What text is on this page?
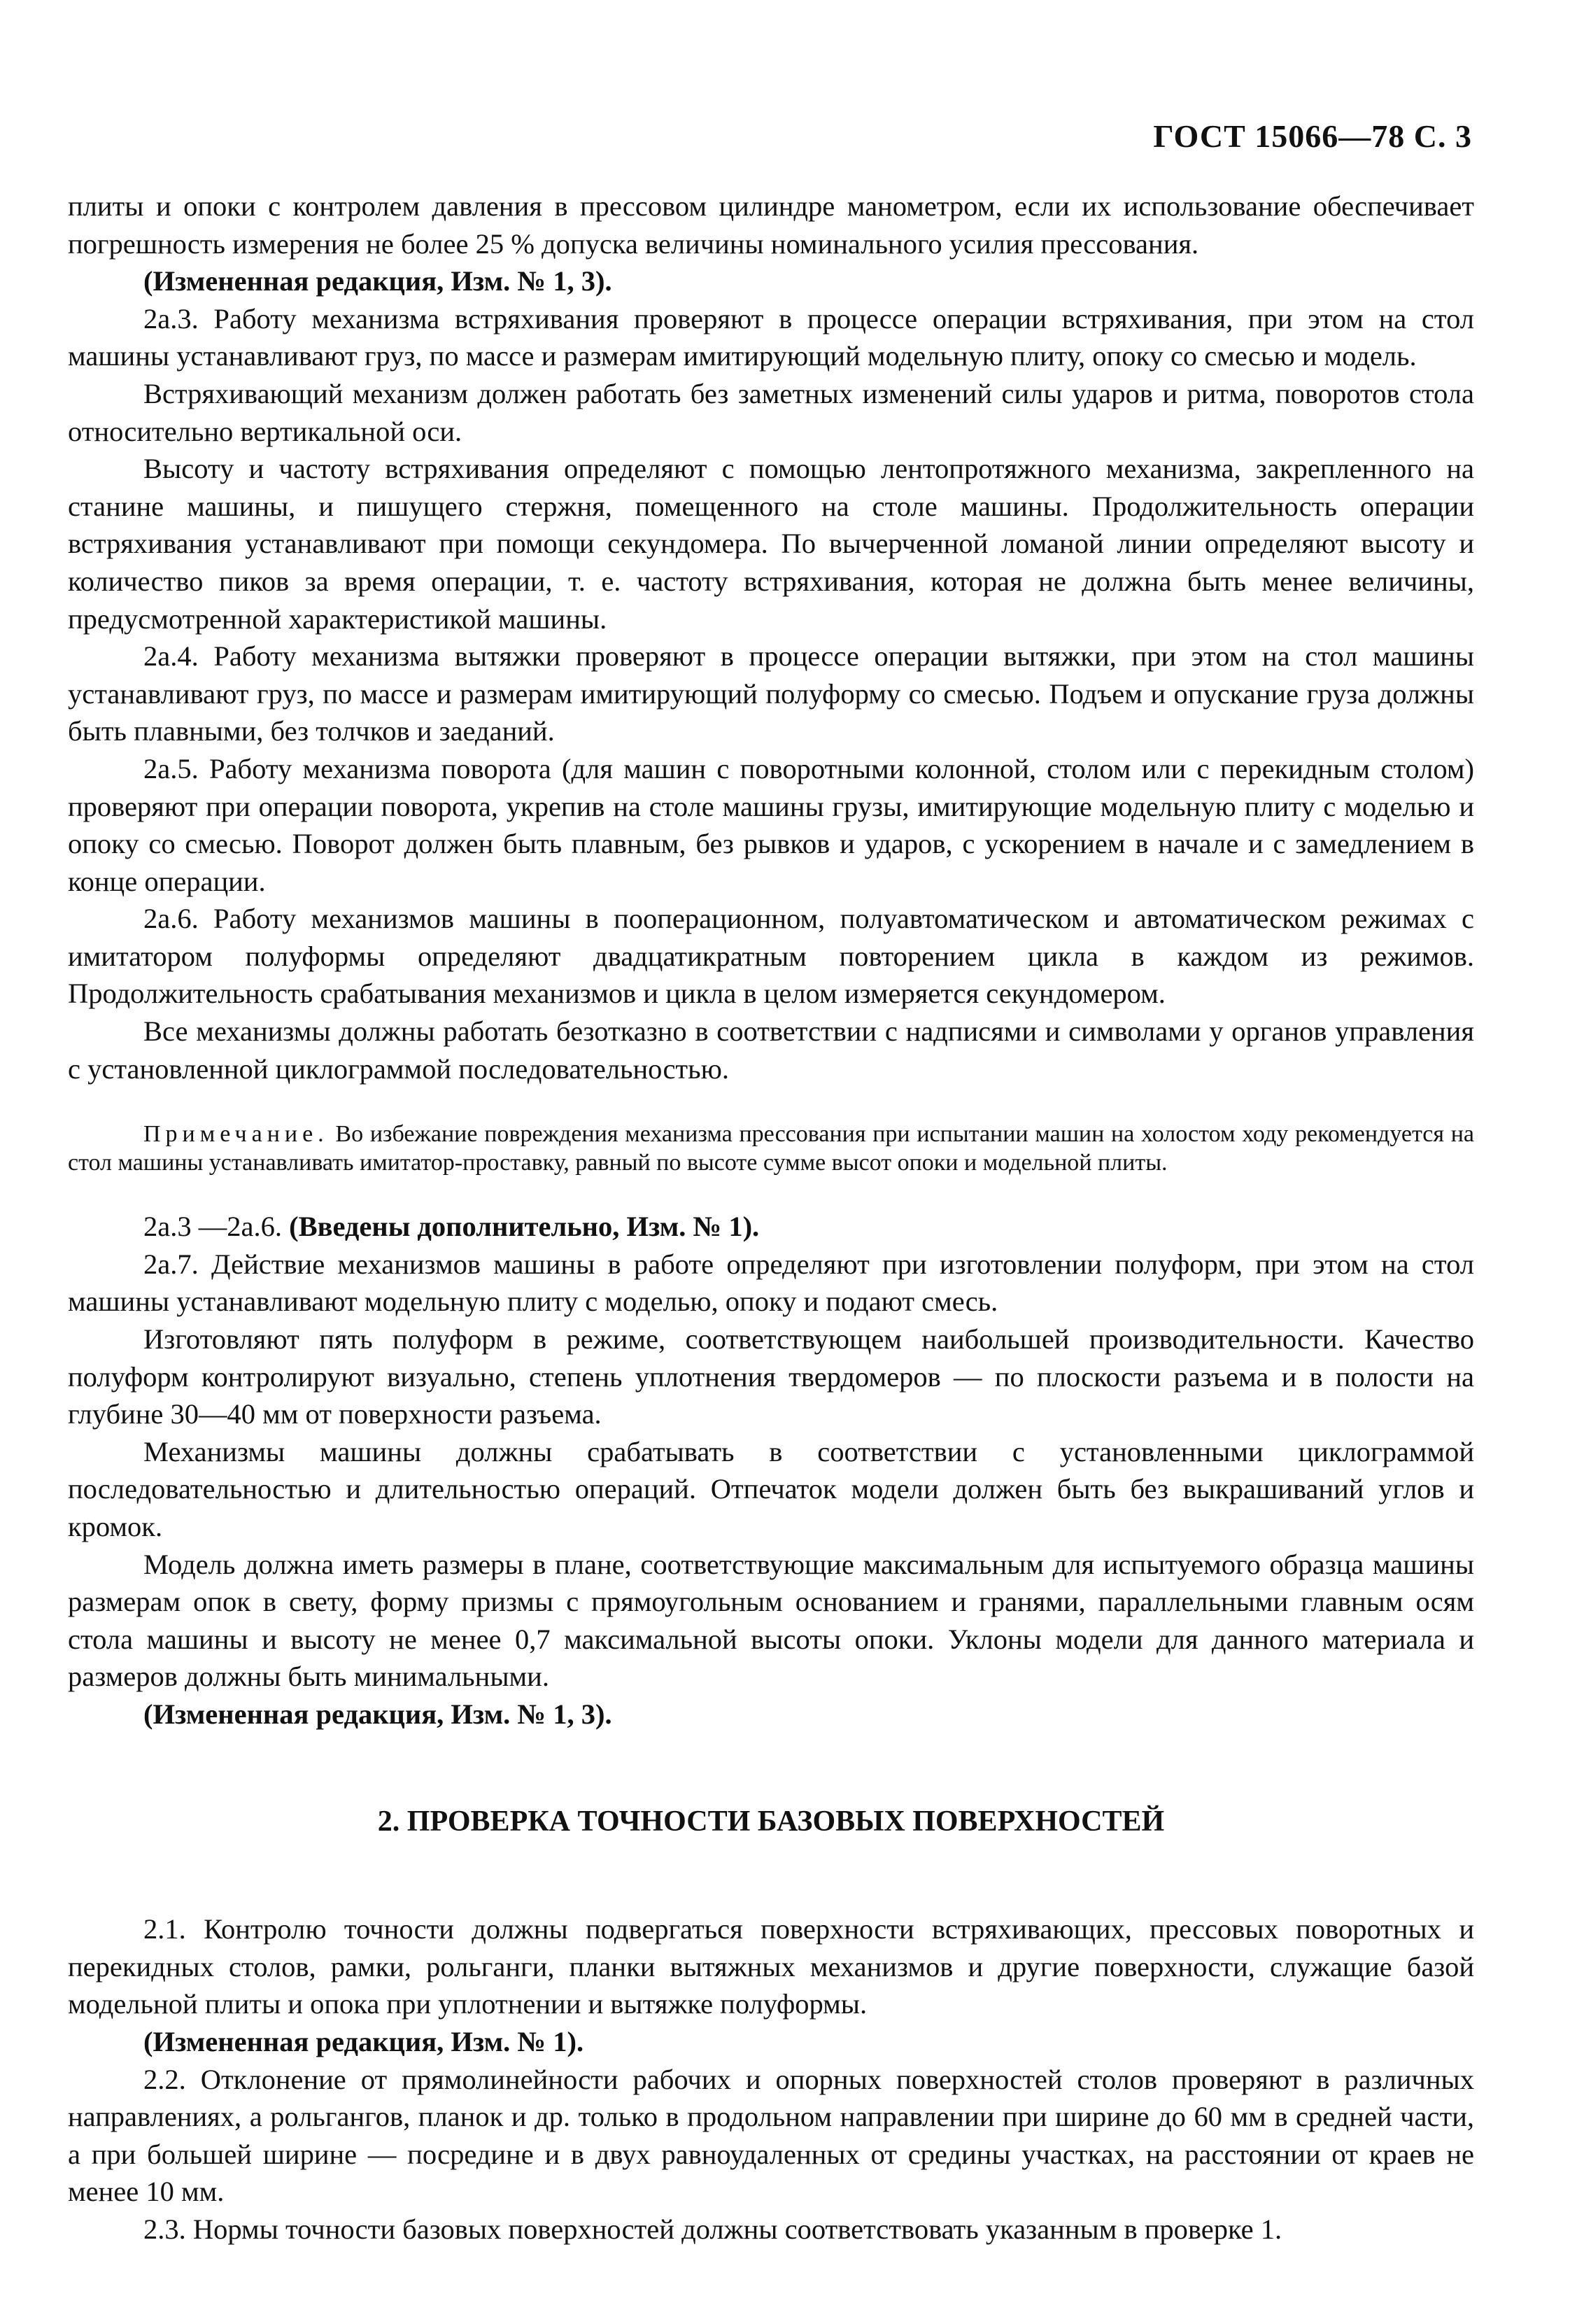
ГОСТ 15066—78 С. 3

плиты и опоки с контролем давления в прессовом цилиндре манометром, если их использование обеспечивает погрешность измерения не более 25 % допуска величины номинального усилия прессования.

(Измененная редакция, Изм. № 1, 3).

2а.3. Работу механизма встряхивания проверяют в процессе операции встряхивания, при этом на стол машины устанавливают груз, по массе и размерам имитирующий модельную плиту, опоку со смесью и модель.

Встряхивающий механизм должен работать без заметных изменений силы ударов и ритма, поворотов стола относительно вертикальной оси.

Высоту и частоту встряхивания определяют с помощью лентопротяжного механизма, закрепленного на станине машины, и пишущего стержня, помещенного на столе машины. Продолжительность операции встряхивания устанавливают при помощи секундомера. По вычерченной ломаной линии определяют высоту и количество пиков за время операции, т. е. частоту встряхивания, которая не должна быть менее величины, предусмотренной характеристикой машины.

2а.4. Работу механизма вытяжки проверяют в процессе операции вытяжки, при этом на стол машины устанавливают груз, по массе и размерам имитирующий полуформу со смесью. Подъем и опускание груза должны быть плавными, без толчков и заеданий.

2а.5. Работу механизма поворота (для машин с поворотными колонной, столом или с перекидным столом) проверяют при операции поворота, укрепив на столе машины грузы, имитирующие модельную плиту с моделью и опоку со смесью. Поворот должен быть плавным, без рывков и ударов, с ускорением в начале и с замедлением в конце операции.

2а.6. Работу механизмов машины в пооперационном, полуавтоматическом и автоматическом режимах с имитатором полуформы определяют двадцатикратным повторением цикла в каждом из режимов. Продолжительность срабатывания механизмов и цикла в целом измеряется секундомером.

Все механизмы должны работать безотказно в соответствии с надписями и символами у органов управления с установленной циклограммой последовательностью.

Примечание. Во избежание повреждения механизма прессования при испытании машин на холостом ходу рекомендуется на стол машины устанавливать имитатор-проставку, равный по высоте сумме высот опоки и модельной плиты.

2а.3 —2а.6. (Введены дополнительно, Изм. № 1).

2а.7. Действие механизмов машины в работе определяют при изготовлении полуформ, при этом на стол машины устанавливают модельную плиту с моделью, опоку и подают смесь.

Изготовляют пять полуформ в режиме, соответствующем наибольшей производительности. Качество полуформ контролируют визуально, степень уплотнения твердомеров — по плоскости разъема и в полости на глубине 30—40 мм от поверхности разъема.

Механизмы машины должны срабатывать в соответствии с установленными циклограммой последовательностью и длительностью операций. Отпечаток модели должен быть без выкрашиваний углов и кромок.

Модель должна иметь размеры в плане, соответствующие максимальным для испытуемого образца машины размерам опок в свету, форму призмы с прямоугольным основанием и гранями, параллельными главным осям стола машины и высоту не менее 0,7 максимальной высоты опоки. Уклоны модели для данного материала и размеров должны быть минимальными.

(Измененная редакция, Изм. № 1, 3).

2. ПРОВЕРКА ТОЧНОСТИ БАЗОВЫХ ПОВЕРХНОСТЕЙ

2.1. Контролю точности должны подвергаться поверхности встряхивающих, прессовых поворотных и перекидных столов, рамки, рольганги, планки вытяжных механизмов и другие поверхности, служащие базой модельной плиты и опока при уплотнении и вытяжке полуформы.

(Измененная редакция, Изм. № 1).

2.2. Отклонение от прямолинейности рабочих и опорных поверхностей столов проверяют в различных направлениях, а рольгангов, планок и др. только в продольном направлении при ширине до 60 мм в средней части, а при большей ширине — посредине и в двух равноудаленных от средины участках, на расстоянии от краев не менее 10 мм.

2.3. Нормы точности базовых поверхностей должны соответствовать указанным в проверке 1.
